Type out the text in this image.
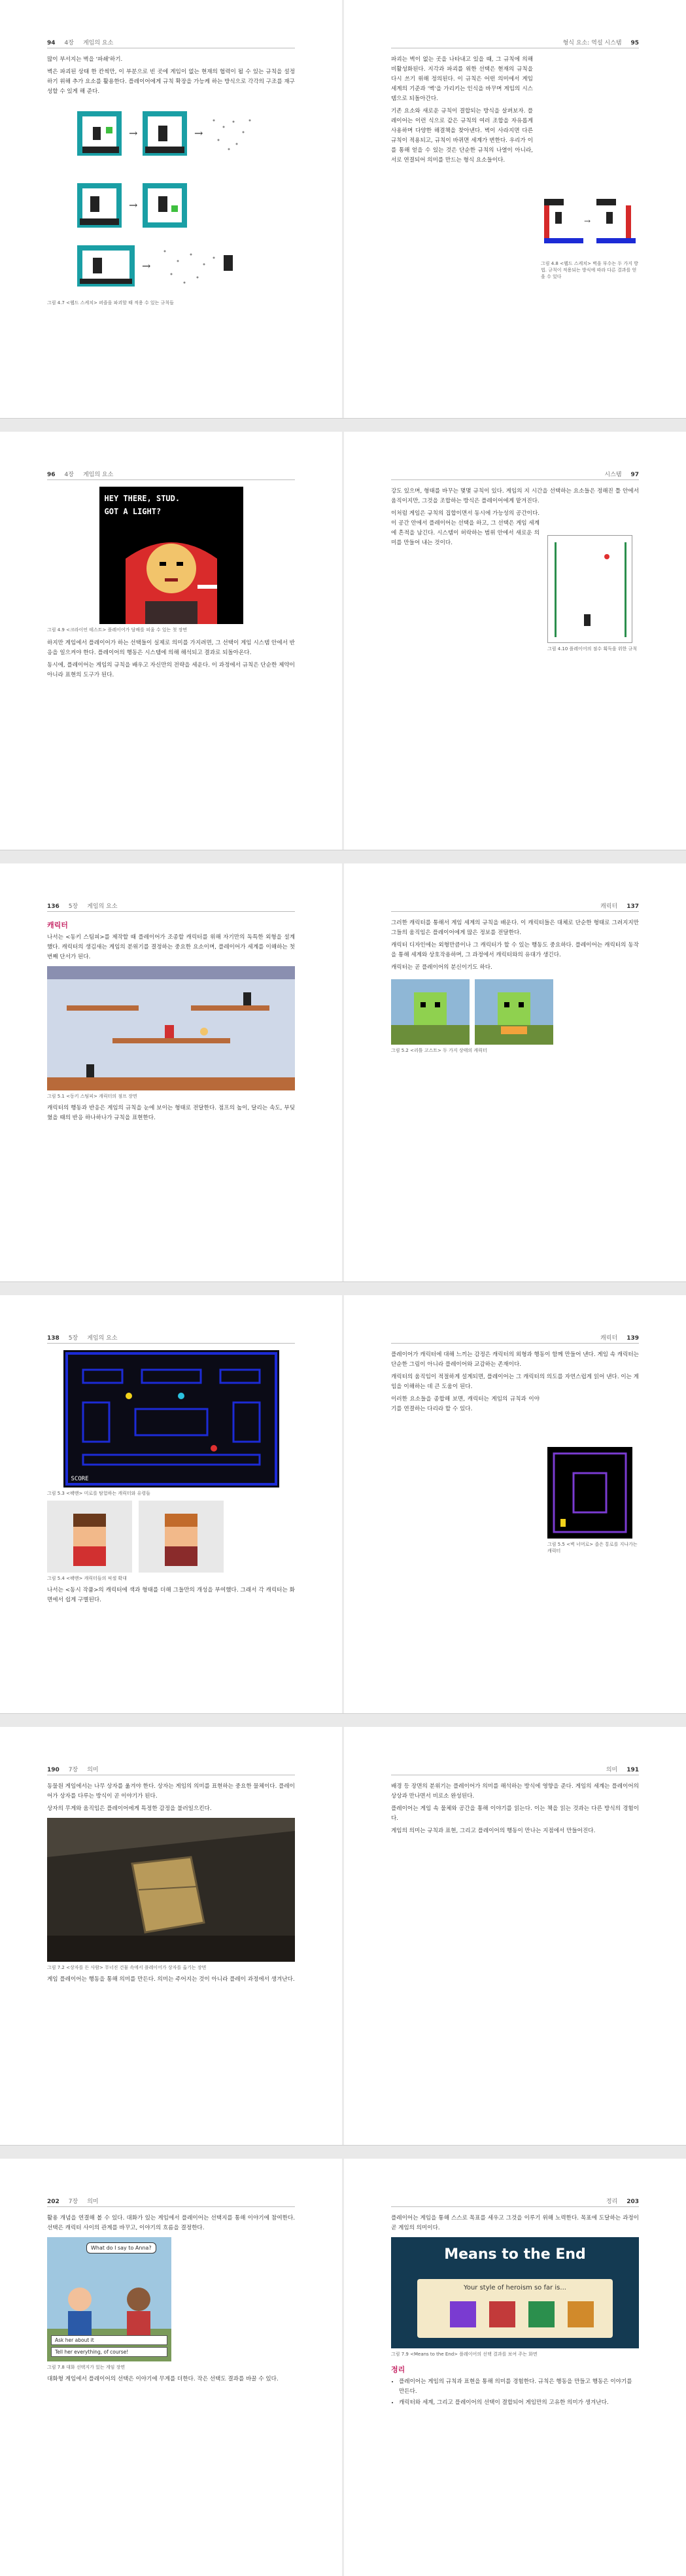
94 4장 게임의 요소

많이 부서지는 벽을 '파쇄'하기.

벽은 파괴된 상태 한 칸씩만, 이 부분으로 빈 곳에 게임이 없는 현재의 협력이 될 수 있는 규칙을 설정하기 위해 추가 요소를 활용한다. 플레이어에게 규칙 확장을 가능케 하는 방식으로 각각의 구조를 재구성할 수 있게 해 준다.

→	→
→
→

그림 4.7 <웹드 스케치> 퍼즐을 파괴할 때 적용 수 있는 규칙들

형식 요소: 역설 시스템 95

파괴는 벽이 없는 곳을 나타내고 있을 때, 그 규칙에 의해 비활성화된다. 지각과 파괴를 위한 선택은 현재의 규칙을 다시 쓰기 위해 정의된다. 이 규칙은 어떤 의미에서 게임 세계의 기준과 '벽'을 가리키는 인식을 바꾸며 게임의 시스템으로 되돌아간다.

기존 요소와 새로운 규칙이 결합되는 방식을 살펴보자. 플레이어는 이런 식으로 같은 규칙의 여러 조합을 자유롭게 사용하며 다양한 해결책을 찾아낸다. 벽이 사라지면 다른 규칙이 적용되고, 규칙이 바뀌면 세계가 변한다. 우리가 이를 통해 얻을 수 있는 것은 단순한 규칙의 나열이 아니라, 서로 연결되어 의미를 만드는 형식 요소들이다.

→

그림 4.8 <웹드 스케치> 벽을 부수는 두 가지 방법. 규칙이 적용되는 방식에 따라 다른 결과를 얻을 수 있다

96 4장 게임의 요소
HEY THERE, STUD.
GOT A LIGHT?

그림 4.9 <크라이언 테스트> 플레이어가 담배를 피울 수 있는 첫 장면

하지만 게임에서 플레이어가 하는 선택들이 실제로 의미를 가지려면, 그 선택이 게임 시스템 안에서 반응을 일으켜야 한다. 플레이어의 행동은 시스템에 의해 해석되고 결과로 되돌아온다.

동시에, 플레이어는 게임의 규칙을 배우고 자신만의 전략을 세운다. 이 과정에서 규칙은 단순한 제약이 아니라 표현의 도구가 된다.

시스템 97

강도 있으며, 형태를 바꾸는 몇몇 규칙이 있다. 게임의 지 시간을 선택하는 요소들은 정해진 틀 안에서 움직이지만, 그것을 조합하는 방식은 플레이어에게 맡겨진다.

이처럼 게임은 규칙의 집합이면서 동시에 가능성의 공간이다. 이 공간 안에서 플레이어는 선택을 하고, 그 선택은 게임 세계에 흔적을 남긴다. 시스템이 허락하는 범위 안에서 새로운 의미를 만들어 내는 것이다.

그림 4.10 플레이어의 점수 획득을 위한 규칙

136 5장 게임의 요소
캐릭터

나서는 <동키 스팀피>를 제작할 때 플레이어가 조종할 캐릭터를 위해 자기만의 독특한 외형을 설계했다. 캐릭터의 생김새는 게임의 분위기를 결정하는 중요한 요소이며, 플레이어가 세계를 이해하는 첫 번째 단서가 된다.

그림 5.1 <동키 스팀피> 캐릭터의 점프 장면

캐릭터의 행동과 반응은 게임의 규칙을 눈에 보이는 형태로 전달한다. 점프의 높이, 달리는 속도, 부딪혔을 때의 반응 하나하나가 규칙을 표현한다.

캐릭터 137

그러한 캐릭터를 통해서 게임 세계의 규칙을 배운다. 이 캐릭터들은 대체로 단순한 형태로 그려지지만 그들의 움직임은 플레이어에게 많은 정보를 전달한다.

캐릭터 디자인에는 외형만큼이나 그 캐릭터가 할 수 있는 행동도 중요하다. 플레이어는 캐릭터의 동작을 통해 세계와 상호작용하며, 그 과정에서 캐릭터와의 유대가 생긴다.

캐릭터는 곧 플레이어의 분신이기도 하다.

그림 5.2 <리틀 고스트> 두 가지 상태의 캐릭터

138 5장 게임의 요소
SCORE

그림 5.3 <팩맨> 미로를 탐험하는 캐릭터와 유령들

그림 5.4 <팩맨> 캐릭터들의 픽셀 확대

나서는 <동시 작품>의 캐릭터에 색과 형태를 더해 그들만의 개성을 부여했다. 그래서 각 캐릭터는 화면에서 쉽게 구별된다.

캐릭터 139

플레이어가 캐릭터에 대해 느끼는 감정은 캐릭터의 외형과 행동이 함께 만들어 낸다. 게임 속 캐릭터는 단순한 그림이 아니라 플레이어와 교감하는 존재이다.

캐릭터의 움직임이 적절하게 설계되면, 플레이어는 그 캐릭터의 의도를 자연스럽게 읽어 낸다. 이는 게임을 이해하는 데 큰 도움이 된다.

이러한 요소들을 종합해 보면, 캐릭터는 게임의 규칙과 이야기를 연결하는 다리라 할 수 있다.

그림 5.5 <벽 너머로> 좁은 통로를 지나가는 캐릭터

190 7장 의미

동물원 게임에서는 나무 상자를 옮겨야 한다. 상자는 게임의 의미를 표현하는 중요한 물체이다. 플레이어가 상자를 다루는 방식이 곧 이야기가 된다.

상자의 무게와 움직임은 플레이어에게 특정한 감정을 불러일으킨다.

그림 7.2 <상자를 든 사람> 무너진 건물 속에서 플레이어가 상자를 옮기는 장면

게임 플레이어는 행동을 통해 의미를 만든다. 의미는 주어지는 것이 아니라 플레이 과정에서 생겨난다.

의미 191

배경 등 장면의 분위기는 플레이어가 의미를 해석하는 방식에 영향을 준다. 게임의 세계는 플레이어의 상상과 만나면서 비로소 완성된다.

플레이어는 게임 속 물체와 공간을 통해 이야기를 읽는다. 이는 책을 읽는 것과는 다른 방식의 경험이다.

게임의 의미는 규칙과 표현, 그리고 플레이어의 행동이 만나는 지점에서 만들어진다.

202 7장 의미

활용 개념을 연결해 볼 수 있다. 대화가 있는 게임에서 플레이어는 선택지를 통해 이야기에 참여한다. 선택은 캐릭터 사이의 관계를 바꾸고, 이야기의 흐름을 결정한다.

What do I say to Anna?
Ask her about it
Tell her everything, of course!

그림 7.8 대화 선택지가 있는 게임 장면

대화형 게임에서 플레이어의 선택은 이야기에 무게를 더한다. 작은 선택도 결과를 바꿀 수 있다.

정리 203

플레이어는 게임을 통해 스스로 목표를 세우고 그것을 이루기 위해 노력한다. 목표에 도달하는 과정이 곧 게임의 의미이다.

Means to the End
Your style of heroism so far is...

그림 7.9 <Means to the End> 플레이어의 선택 결과를 보여 주는 화면

정리
• 플레이어는 게임의 규칙과 표현을 통해 의미를 경험한다. 규칙은 행동을 만들고 행동은 이야기를 만든다.
• 캐릭터와 세계, 그리고 플레이어의 선택이 결합되어 게임만의 고유한 의미가 생겨난다.
